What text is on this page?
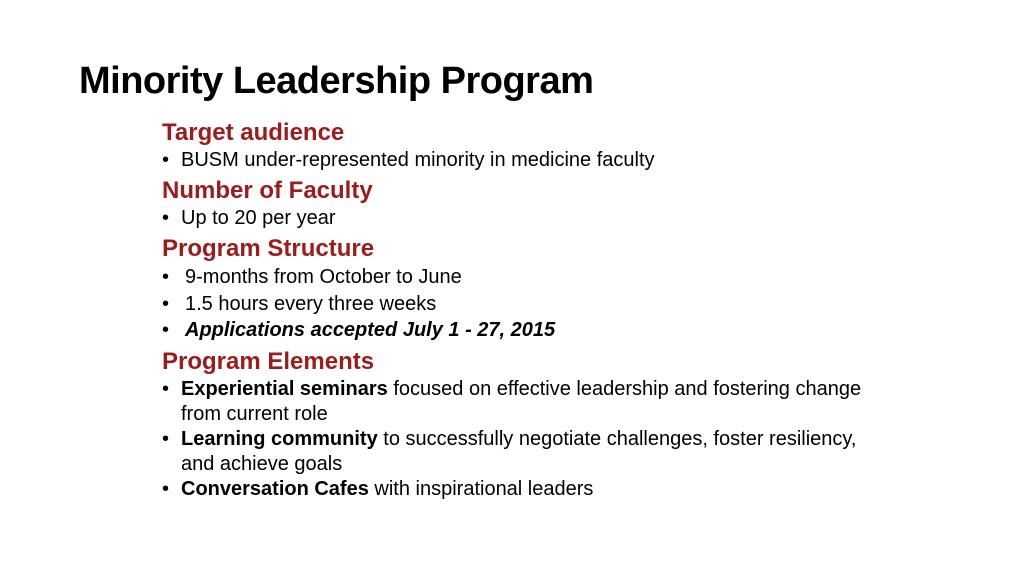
Minority Leadership Program
Target audience
• BUSM under-represented minority in medicine faculty
Number of Faculty
• Up to 20 per year
Program Structure
• 9-months from October to June
• 1.5 hours every three weeks
• Applications accepted July 1 - 27, 2015
Program Elements
• Experiential seminars focused on effective leadership and fostering change from current role
• Learning community to successfully negotiate challenges, foster resiliency, and achieve goals
• Conversation Cafes with inspirational leaders
